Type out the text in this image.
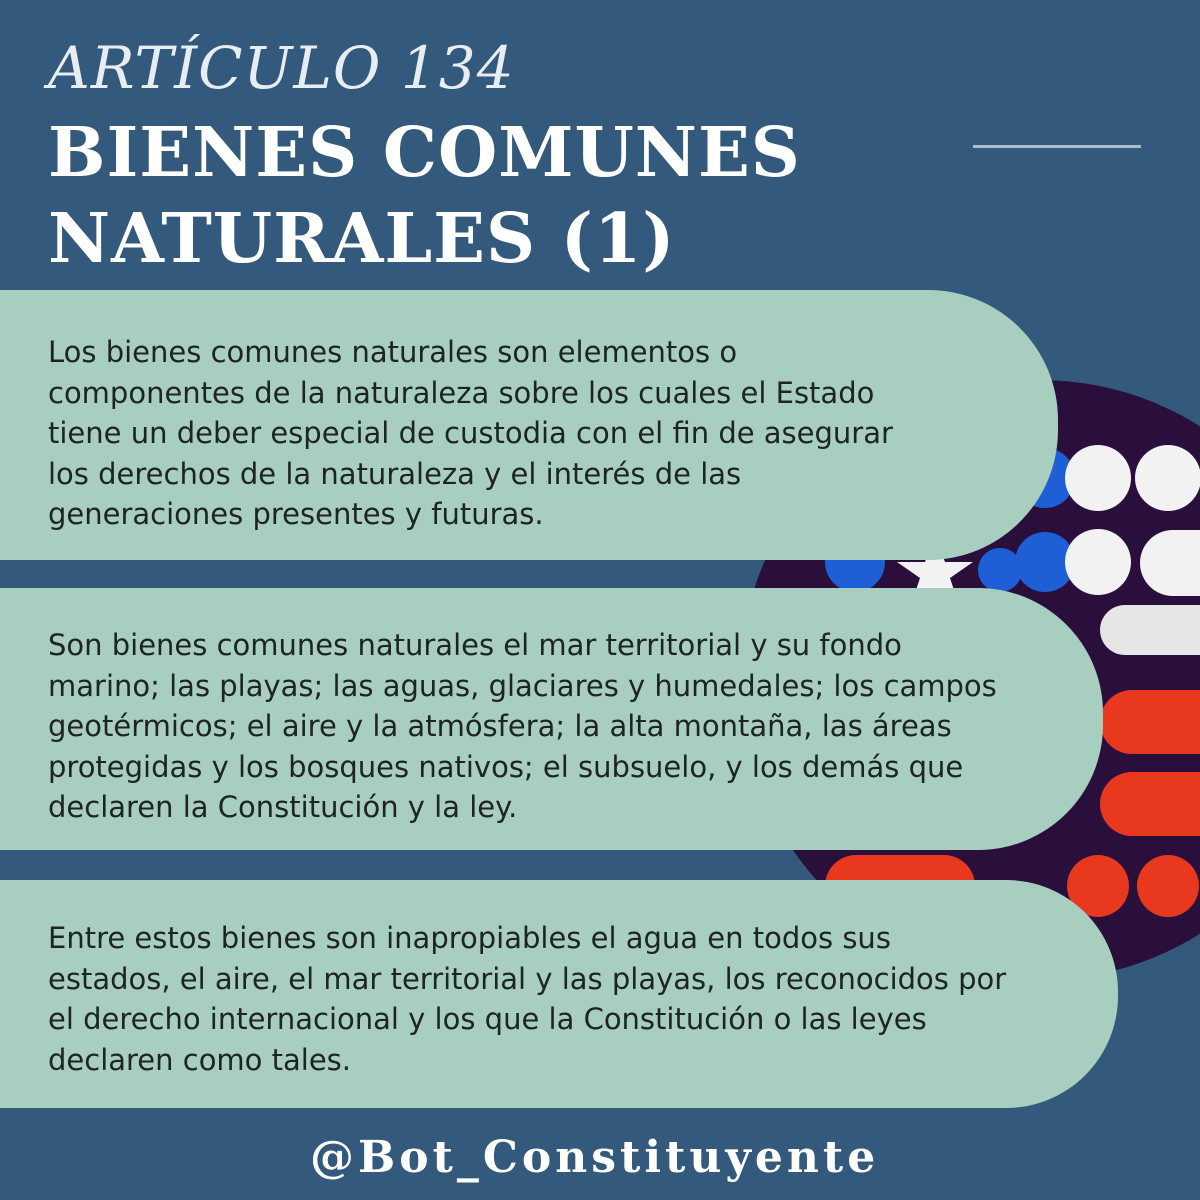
ARTÍCULO 134
BIENES COMUNES
NATURALES (1)

Los bienes comunes naturales son elementos o
componentes de la naturaleza sobre los cuales el Estado
tiene un deber especial de custodia con el fin de asegurar
los derechos de la naturaleza y el interés de las
generaciones presentes y futuras.

Son bienes comunes naturales el mar territorial y su fondo
marino; las playas; las aguas, glaciares y humedales; los campos
geotérmicos; el aire y la atmósfera; la alta montaña, las áreas
protegidas y los bosques nativos; el subsuelo, y los demás que
declaren la Constitución y la ley.

Entre estos bienes son inapropiables el agua en todos sus
estados, el aire, el mar territorial y las playas, los reconocidos por
el derecho internacional y los que la Constitución o las leyes
declaren como tales.

@Bot_Constituyente
